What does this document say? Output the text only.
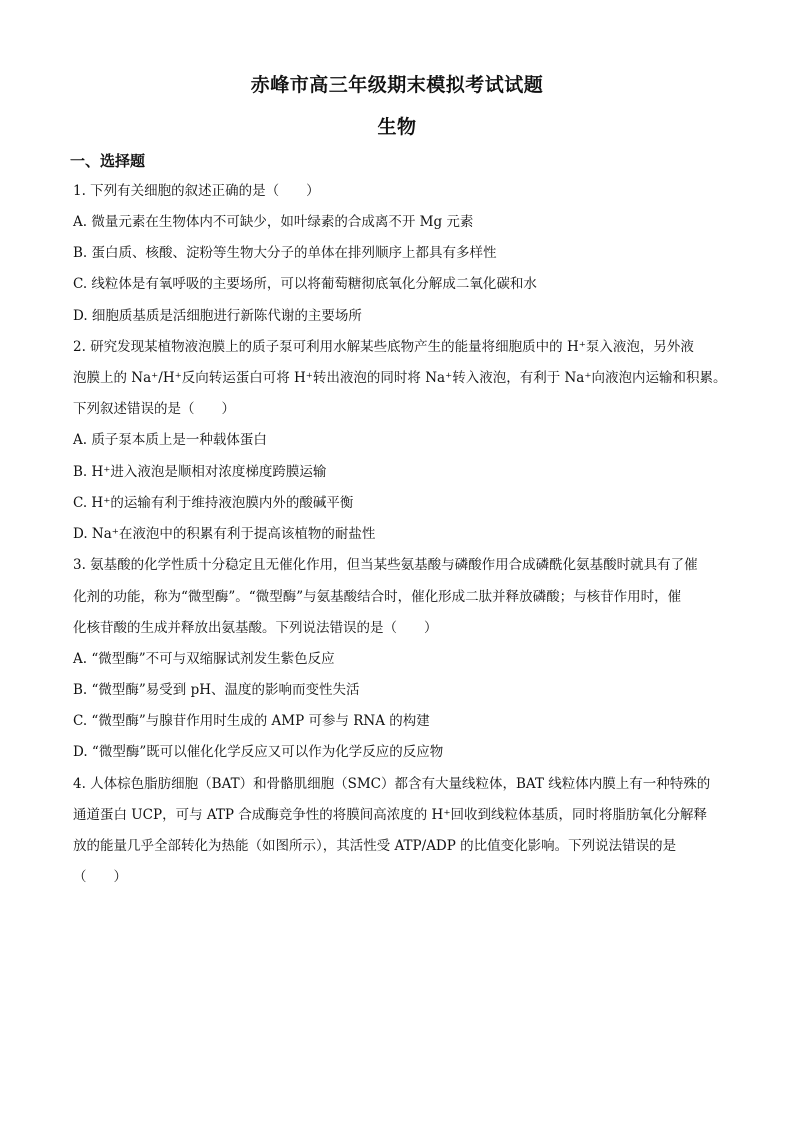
赤峰市高三年级期末模拟考试试题
生物
一、选择题
1. 下列有关细胞的叙述正确的是（　　）
A. 微量元素在生物体内不可缺少，如叶绿素的合成离不开 Mg 元素
B. 蛋白质、核酸、淀粉等生物大分子的单体在排列顺序上都具有多样性
C. 线粒体是有氧呼吸的主要场所，可以将葡萄糖彻底氧化分解成二氧化碳和水
D. 细胞质基质是活细胞进行新陈代谢的主要场所
2. 研究发现某植物液泡膜上的质子泵可利用水解某些底物产生的能量将细胞质中的 H⁺泵入液泡，另外液
泡膜上的 Na⁺/H⁺反向转运蛋白可将 H⁺转出液泡的同时将 Na⁺转入液泡，有利于 Na⁺向液泡内运输和积累。
下列叙述错误的是（　　）
A. 质子泵本质上是一种载体蛋白
B. H⁺进入液泡是顺相对浓度梯度跨膜运输
C. H⁺的运输有利于维持液泡膜内外的酸碱平衡
D. Na⁺在液泡中的积累有利于提高该植物的耐盐性
3. 氨基酸的化学性质十分稳定且无催化作用，但当某些氨基酸与磷酸作用合成磷酰化氨基酸时就具有了催
化剂的功能，称为“微型酶”。“微型酶”与氨基酸结合时，催化形成二肽并释放磷酸；与核苷作用时，催
化核苷酸的生成并释放出氨基酸。下列说法错误的是（　　）
A. “微型酶”不可与双缩脲试剂发生紫色反应
B. “微型酶”易受到 pH、温度的影响而变性失活
C. “微型酶”与腺苷作用时生成的 AMP 可参与 RNA 的构建
D. “微型酶”既可以催化化学反应又可以作为化学反应的反应物
4. 人体棕色脂肪细胞（BAT）和骨骼肌细胞（SMC）都含有大量线粒体，BAT 线粒体内膜上有一种特殊的
通道蛋白 UCP，可与 ATP 合成酶竞争性的将膜间高浓度的 H⁺回收到线粒体基质，同时将脂肪氧化分解释
放的能量几乎全部转化为热能（如图所示），其活性受 ATP/ADP 的比值变化影响。下列说法错误的是
（　　）
